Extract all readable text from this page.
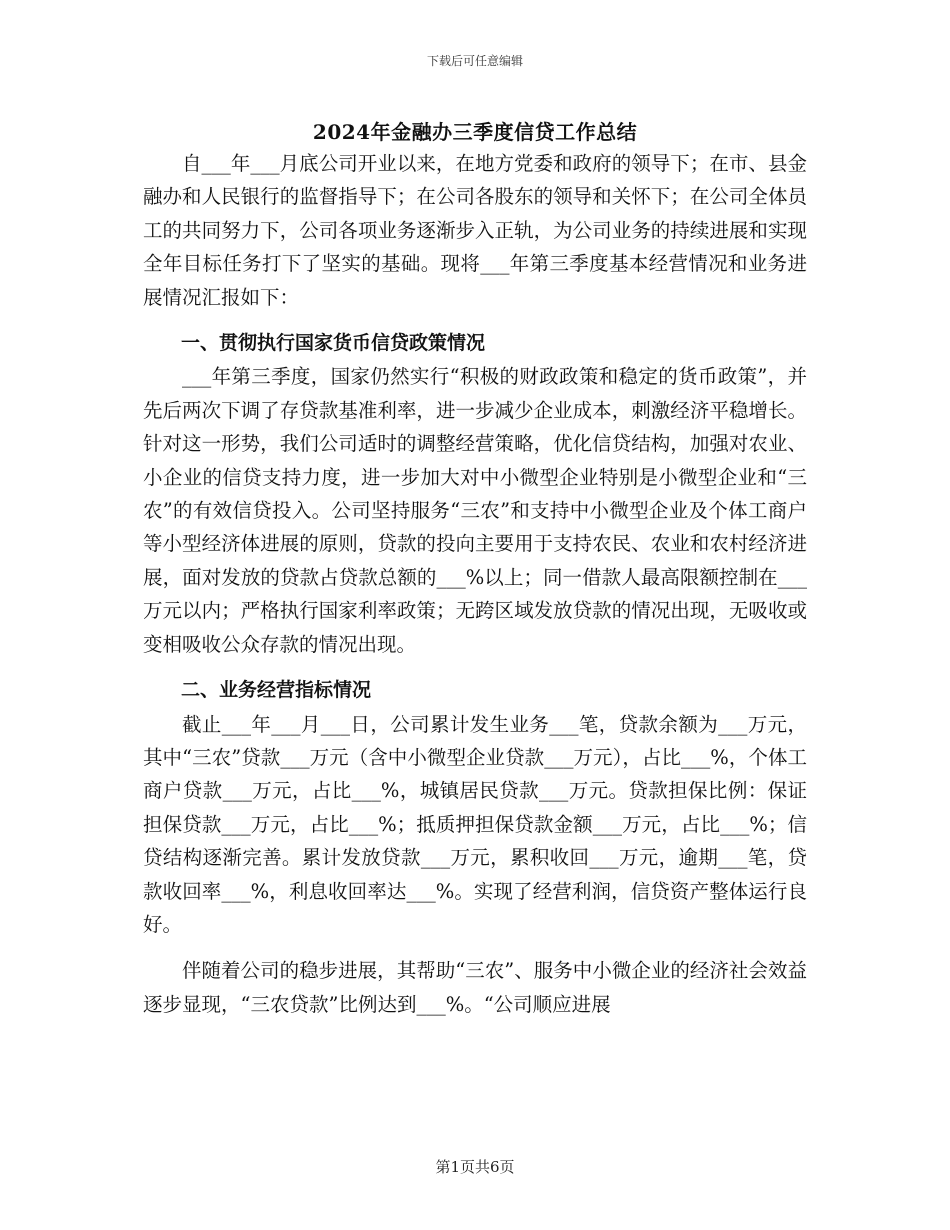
下载后可任意编辑
2024年金融办三季度信贷工作总结

自___年___月底公司开业以来，在地方党委和政府的领导下；在市、县金融办和人民银行的监督指导下；在公司各股东的领导和关怀下；在公司全体员工的共同努力下，公司各项业务逐渐步入正轨，为公司业务的持续进展和实现全年目标任务打下了坚实的基础。现将___年第三季度基本经营情况和业务进展情况汇报如下：

一、贯彻执行国家货币信贷政策情况

___年第三季度，国家仍然实行“积极的财政政策和稳定的货币政策”，并先后两次下调了存贷款基准利率，进一步减少企业成本，刺激经济平稳增长。针对这一形势，我们公司适时的调整经营策略，优化信贷结构，加强对农业、小企业的信贷支持力度，进一步加大对中小微型企业特别是小微型企业和“三农”的有效信贷投入。公司坚持服务“三农”和支持中小微型企业及个体工商户等小型经济体进展的原则，贷款的投向主要用于支持农民、农业和农村经济进展，面对发放的贷款占贷款总额的___%以上；同一借款人最高限额控制在___万元以内；严格执行国家利率政策；无跨区域发放贷款的情况出现，无吸收或变相吸收公众存款的情况出现。

二、业务经营指标情况

截止___年___月___日，公司累计发生业务___笔，贷款余额为___万元，其中“三农”贷款___万元（含中小微型企业贷款___万元），占比___%，个体工商户贷款___万元，占比___%，城镇居民贷款___万元。贷款担保比例：保证担保贷款___万元，占比___%；抵质押担保贷款金额___万元，占比___%；信贷结构逐渐完善。累计发放贷款___万元，累积收回___万元，逾期___笔，贷款收回率___%，利息收回率达___%。实现了经营利润，信贷资产整体运行良好。

伴随着公司的稳步进展，其帮助“三农”、服务中小微企业的经济社会效益逐步显现，“三农贷款”比例达到___%。“公司顺应进展

第1页共6页
